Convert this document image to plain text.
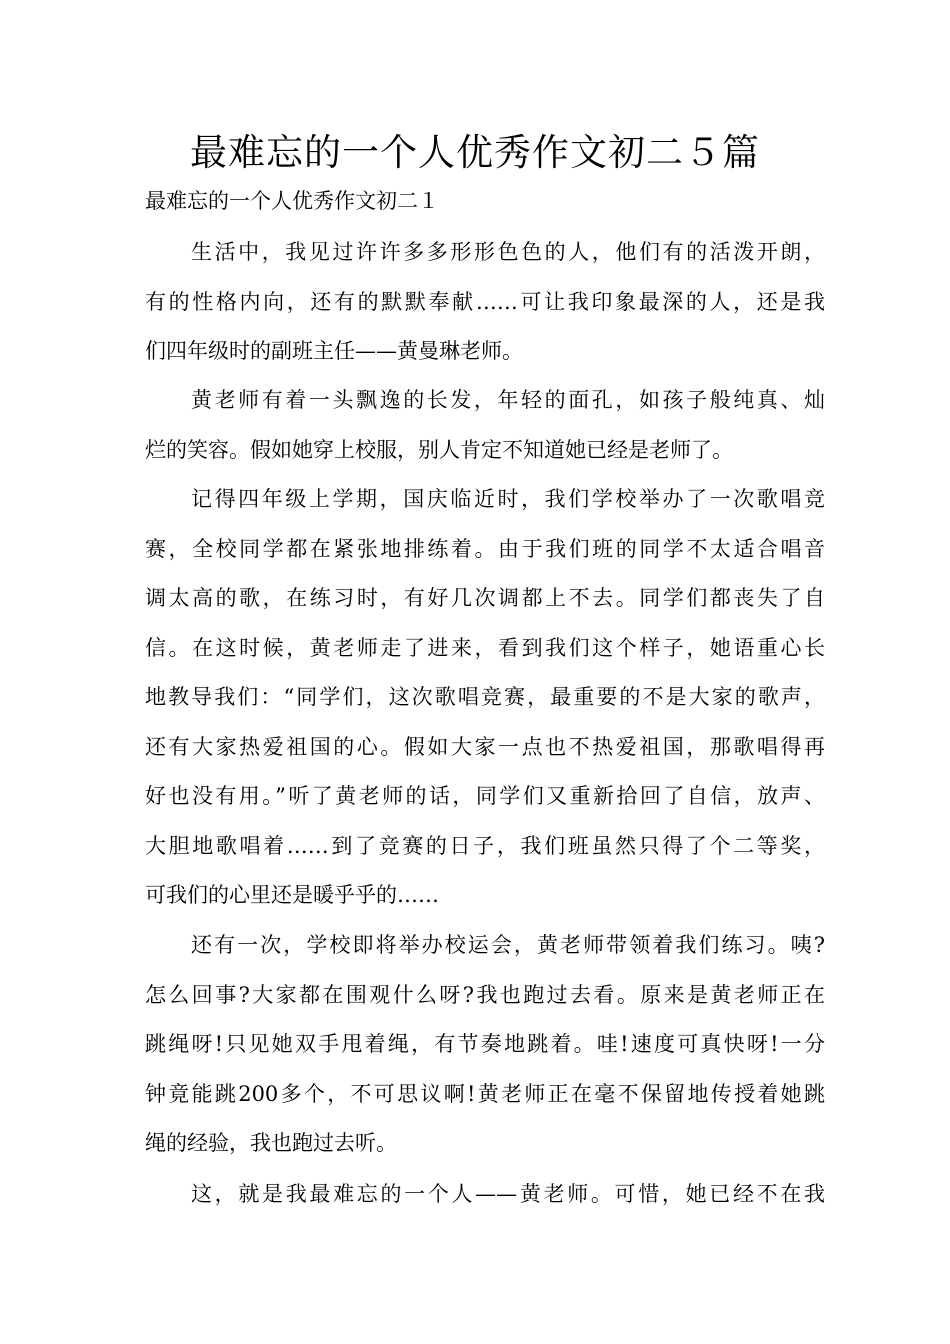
最难忘的一个人优秀作文初二５篇
最难忘的一个人优秀作文初二１
生活中，我见过许许多多形形色色的人，他们有的活泼开朗，
有的性格内向，还有的默默奉献……可让我印象最深的人，还是我
们四年级时的副班主任——黄曼琳老师。
黄老师有着一头飘逸的长发，年轻的面孔，如孩子般纯真、灿
烂的笑容。假如她穿上校服，别人肯定不知道她已经是老师了。
记得四年级上学期，国庆临近时，我们学校举办了一次歌唱竞
赛，全校同学都在紧张地排练着。由于我们班的同学不太适合唱音
调太高的歌，在练习时，有好几次调都上不去。同学们都丧失了自
信。在这时候，黄老师走了进来，看到我们这个样子，她语重心长
地教导我们：“同学们，这次歌唱竞赛，最重要的不是大家的歌声，
还有大家热爱祖国的心。假如大家一点也不热爱祖国，那歌唱得再
好也没有用。”听了黄老师的话，同学们又重新拾回了自信，放声、
大胆地歌唱着……到了竞赛的日子，我们班虽然只得了个二等奖，
可我们的心里还是暖乎乎的……
还有一次，学校即将举办校运会，黄老师带领着我们练习。咦?
怎么回事?大家都在围观什么呀?我也跑过去看。原来是黄老师正在
跳绳呀!只见她双手甩着绳，有节奏地跳着。哇!速度可真快呀!一分
钟竟能跳200多个，不可思议啊!黄老师正在毫不保留地传授着她跳
绳的经验，我也跑过去听。
这，就是我最难忘的一个人——黄老师。可惜，她已经不在我
